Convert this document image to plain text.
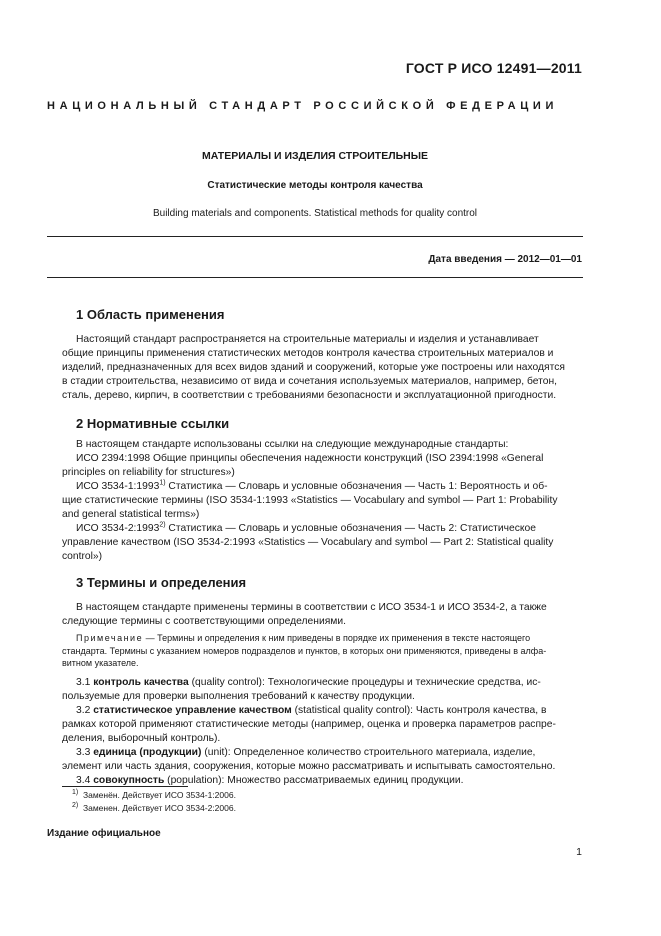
ГОСТ Р ИСО 12491—2011
НАЦИОНАЛЬНЫЙ СТАНДАРТ РОССИЙСКОЙ ФЕДЕРАЦИИ
МАТЕРИАЛЫ И ИЗДЕЛИЯ СТРОИТЕЛЬНЫЕ
Статистические методы контроля качества
Building materials and components. Statistical methods for quality control
Дата введения — 2012—01—01
1 Область применения
Настоящий стандарт распространяется на строительные материалы и изделия и устанавливает
общие принципы применения статистических методов контроля качества строительных материалов и
изделий, предназначенных для всех видов зданий и сооружений, которые уже построены или находятся
в стадии строительства, независимо от вида и сочетания используемых материалов, например, бетон,
сталь, дерево, кирпич, в соответствии с требованиями безопасности и эксплуатационной пригодности.
2 Нормативные ссылки
В настоящем стандарте использованы ссылки на следующие международные стандарты:
ИСО 2394:1998 Общие принципы обеспечения надежности конструкций (ISO 2394:1998 «General
principles on reliability for structures»)
ИСО 3534-1:1993$^{1)}$ Статистика — Словарь и условные обозначения — Часть 1: Вероятность и об-
щие статистические термины (ISO 3534-1:1993 «Statistics — Vocabulary and symbol — Part 1: Probability
and general statistical terms»)
ИСО 3534-2:1993$^{2)}$ Статистика — Словарь и условные обозначения — Часть 2: Статистическое
управление качеством (ISO 3534-2:1993 «Statistics — Vocabulary and symbol — Part 2: Statistical quality
control»)
3 Термины и определения
В настоящем стандарте применены термины в соответствии с ИСО 3534-1 и ИСО 3534-2, а также
следующие термины с соответствующими определениями.
Примечание — Термины и определения к ним приведены в порядке их применения в тексте настоящего
стандарта. Термины с указанием номеров подразделов и пунктов, в которых они применяются, приведены в алфа-
витном указателе.
3.1 контроль качества (quality control): Технологические процедуры и технические средства, ис-
пользуемые для проверки выполнения требований к качеству продукции.
3.2 статистическое управление качеством (statistical quality control): Часть контроля качества, в
рамках которой применяют статистические методы (например, оценка и проверка параметров распре-
деления, выборочный контроль).
3.3 единица (продукции) (unit): Определенное количество строительного материала, изделие,
элемент или часть здания, сооружения, которые можно рассматривать и испытывать самостоятельно.
3.4 совокупность (population): Множество рассматриваемых единиц продукции.
$^{1)}$ Заменён. Действует ИСО 3534-1:2006.
$^{2)}$ Заменен. Действует ИСО 3534-2:2006.
Издание официальное
1
